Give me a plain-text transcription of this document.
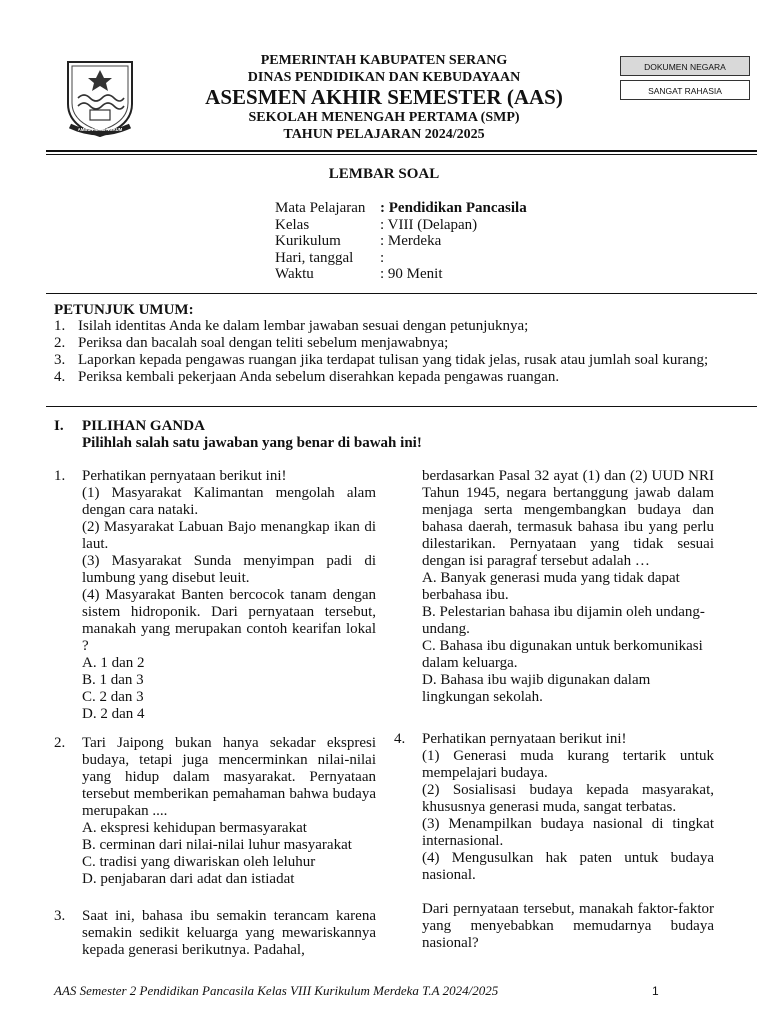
AMBUN NAMI NGRUM
PEMERINTAH KABUPATEN SERANG
DINAS PENDIDIKAN DAN KEBUDAYAAN
ASESMEN AKHIR SEMESTER (AAS)
SEKOLAH MENENGAH PERTAMA (SMP)
TAHUN PELAJARAN 2024/2025
DOKUMEN NEGARA
SANGAT RAHASIA
LEMBAR SOAL
Mata Pelajaran	: Pendidikan Pancasila
Kelas	: VIII (Delapan)
Kurikulum	: Merdeka
Hari, tanggal	:
Waktu	: 90 Menit
PETUNJUK UMUM:
1. Isilah identitas Anda ke dalam lembar jawaban sesuai dengan petunjuknya;
2. Periksa dan bacalah soal dengan teliti sebelum menjawabnya;
3. Laporkan kepada pengawas ruangan jika terdapat tulisan yang tidak jelas, rusak atau jumlah soal kurang;
4. Periksa kembali pekerjaan Anda sebelum diserahkan kepada pengawas ruangan.
I. PILIHAN GANDA
Pilihlah salah satu jawaban yang benar di bawah ini!
1. Perhatikan pernyataan berikut ini!
(1) Masyarakat Kalimantan mengolah alam dengan cara nataki.
(2) Masyarakat Labuan Bajo menangkap ikan di laut.
(3) Masyarakat Sunda menyimpan padi di lumbung yang disebut leuit.
(4) Masyarakat Banten bercocok tanam dengan sistem hidroponik. Dari pernyataan tersebut, manakah yang merupakan contoh kearifan lokal ?
A. 1 dan 2
B. 1 dan 3
C. 2 dan 3
D. 2 dan 4
2. Tari Jaipong bukan hanya sekadar ekspresi budaya, tetapi juga mencerminkan nilai-nilai yang hidup dalam masyarakat. Pernyataan tersebut memberikan pemahaman bahwa budaya merupakan ....
A. ekspresi kehidupan bermasyarakat
B. cerminan dari nilai-nilai luhur masyarakat
C. tradisi yang diwariskan oleh leluhur
D. penjabaran dari adat dan istiadat
3. Saat ini, bahasa ibu semakin terancam karena semakin sedikit keluarga yang mewariskannya kepada generasi berikutnya. Padahal,
berdasarkan Pasal 32 ayat (1) dan (2) UUD NRI Tahun 1945, negara bertanggung jawab dalam menjaga serta mengembangkan budaya dan bahasa daerah, termasuk bahasa ibu yang perlu dilestarikan. Pernyataan yang tidak sesuai dengan isi paragraf tersebut adalah …
A. Banyak generasi muda yang tidak dapat berbahasa ibu.
B. Pelestarian bahasa ibu dijamin oleh undang-undang.
C. Bahasa ibu digunakan untuk berkomunikasi dalam keluarga.
D. Bahasa ibu wajib digunakan dalam lingkungan sekolah.
4. Perhatikan pernyataan berikut ini!
(1) Generasi muda kurang tertarik untuk mempelajari budaya.
(2) Sosialisasi budaya kepada masyarakat, khususnya generasi muda, sangat terbatas.
(3) Menampilkan budaya nasional di tingkat internasional.
(4) Mengusulkan hak paten untuk budaya nasional.
Dari pernyataan tersebut, manakah faktor-faktor yang menyebabkan memudarnya budaya nasional?
AAS Semester 2 Pendidikan Pancasila Kelas VIII Kurikulum Merdeka T.A 2024/2025	1
